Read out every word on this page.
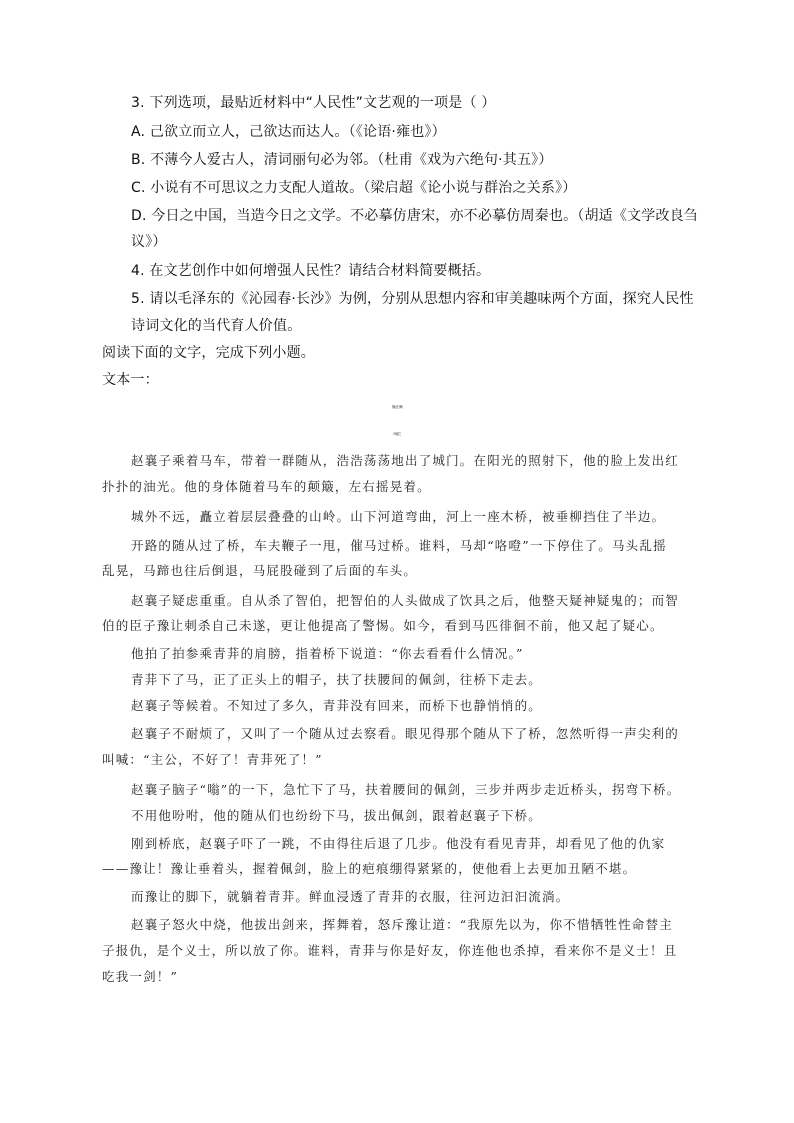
3. 下列选项，最贴近材料中“人民性”文艺观的一项是（ ）
A. 己欲立而立人，己欲达而达人。（《论语·雍也》）
B. 不薄今人爱古人，清词丽句必为邻。（杜甫《戏为六绝句·其五》）
C. 小说有不可思议之力支配人道故。（梁启超《论小说与群治之关系》）
D. 今日之中国，当造今日之文学。不必摹仿唐宋，亦不必摹仿周秦也。（胡适《文学改良刍
议》）
4. 在文艺创作中如何增强人民性？请结合材料简要概括。
5. 请以毛泽东的《沁园春·长沙》为例，分别从思想内容和审美趣味两个方面，探究人民性
诗词文化的当代育人价值。
阅读下面的文字，完成下列小题。
文本一：
豫让行刺
叶嵌之
赵襄子乘着马车，带着一群随从，浩浩荡荡地出了城门。在阳光的照射下，他的脸上发出红
扑扑的油光。他的身体随着马车的颠簸，左右摇晃着。
城外不远，矗立着层层叠叠的山岭。山下河道弯曲，河上一座木桥，被垂柳挡住了半边。
开路的随从过了桥，车夫鞭子一甩，催马过桥。谁料，马却“咯噔”一下停住了。马头乱摇
乱晃，马蹄也往后倒退，马屁股碰到了后面的车头。
赵襄子疑虑重重。自从杀了智伯，把智伯的人头做成了饮具之后，他整天疑神疑鬼的；而智
伯的臣子豫让刺杀自己未遂，更让他提高了警惕。如今，看到马匹徘徊不前，他又起了疑心。
他拍了拍参乘青荓的肩膀，指着桥下说道：“你去看看什么情况。”
青荓下了马，正了正头上的帽子，扶了扶腰间的佩剑，往桥下走去。
赵襄子等候着。不知过了多久，青荓没有回来，而桥下也静悄悄的。
赵襄子不耐烦了，又叫了一个随从过去察看。眼见得那个随从下了桥，忽然听得一声尖利的
叫喊：“主公，不好了！青荓死了！”
赵襄子脑子“嗡”的一下，急忙下了马，扶着腰间的佩剑，三步并两步走近桥头，拐弯下桥。
不用他吩咐，他的随从们也纷纷下马，拔出佩剑，跟着赵襄子下桥。
刚到桥底，赵襄子吓了一跳，不由得往后退了几步。他没有看见青荓，却看见了他的仇家
——豫让！豫让垂着头，握着佩剑，脸上的疤痕绷得紧紧的，使他看上去更加丑陋不堪。
而豫让的脚下，就躺着青荓。鲜血浸透了青荓的衣服，往河边汩汩流淌。
赵襄子怒火中烧，他拔出剑来，挥舞着，怒斥豫让道：“我原先以为，你不惜牺牲性命替主
子报仇，是个义士，所以放了你。谁料，青荓与你是好友，你连他也杀掉，看来你不是义士！且
吃我一剑！”
